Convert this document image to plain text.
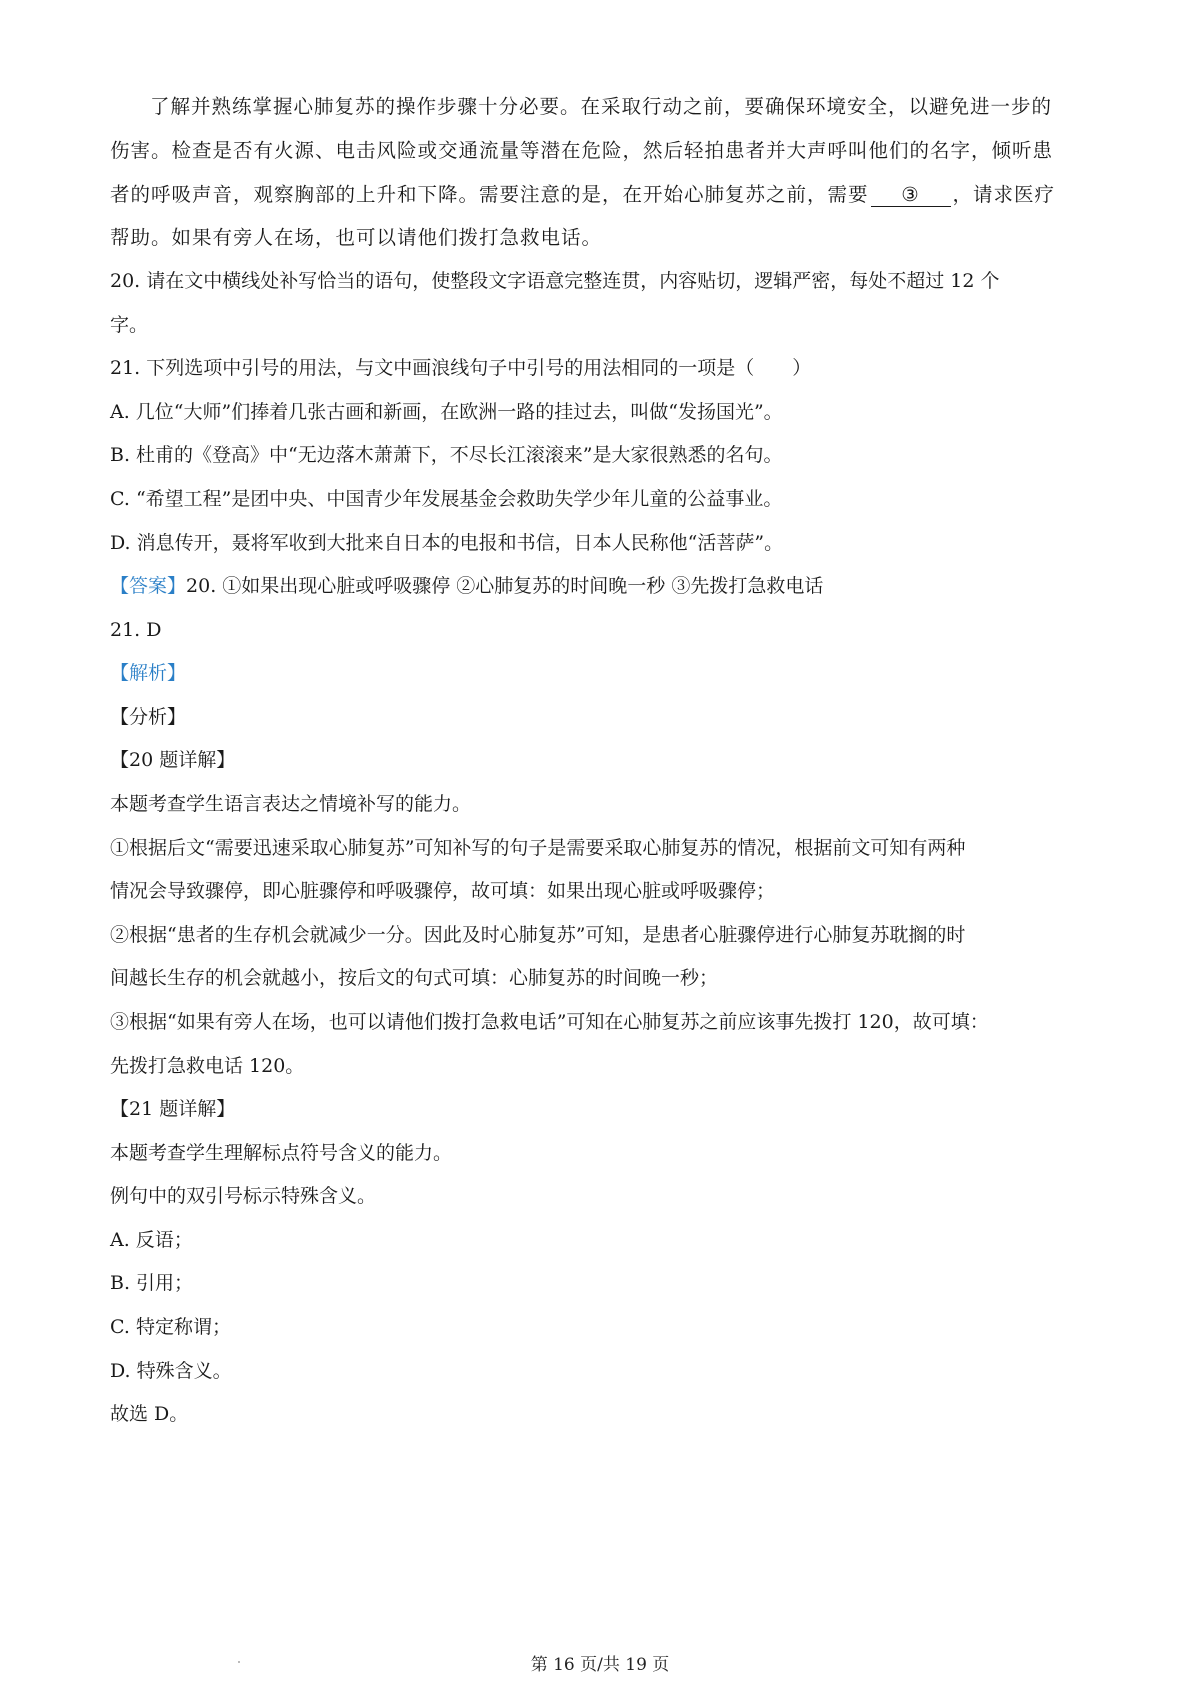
了解并熟练掌握心肺复苏的操作步骤十分必要。在采取行动之前，要确保环境安全，以避免进一步的
伤害。检查是否有火源、电击风险或交通流量等潜在危险，然后轻拍患者并大声呼叫他们的名字，倾听患
者的呼吸声音，观察胸部的上升和下降。需要注意的是，在开始心肺复苏之前，需要 ③ ，请求医疗
帮助。如果有旁人在场，也可以请他们拨打急救电话。
20. 请在文中横线处补写恰当的语句，使整段文字语意完整连贯，内容贴切，逻辑严密，每处不超过 12 个
字。
21. 下列选项中引号的用法，与文中画浪线句子中引号的用法相同的一项是（　　）
A. 几位“大师”们捧着几张古画和新画，在欧洲一路的挂过去，叫做“发扬国光”。
B. 杜甫的《登高》中“无边落木萧萧下，不尽长江滚滚来”是大家很熟悉的名句。
C. “希望工程”是团中央、中国青少年发展基金会救助失学少年儿童的公益事业。
D. 消息传开，聂将军收到大批来自日本的电报和书信，日本人民称他“活菩萨”。
【答案】20. ①如果出现心脏或呼吸骤停 ②心肺复苏的时间晚一秒 ③先拨打急救电话
21. D
【解析】
【分析】
【20 题详解】
本题考查学生语言表达之情境补写的能力。
①根据后文“需要迅速采取心肺复苏”可知补写的句子是需要采取心肺复苏的情况，根据前文可知有两种
情况会导致骤停，即心脏骤停和呼吸骤停，故可填：如果出现心脏或呼吸骤停；
②根据“患者的生存机会就减少一分。因此及时心肺复苏”可知，是患者心脏骤停进行心肺复苏耽搁的时
间越长生存的机会就越小，按后文的句式可填：心肺复苏的时间晚一秒；
③根据“如果有旁人在场，也可以请他们拨打急救电话”可知在心肺复苏之前应该事先拨打 120，故可填：
先拨打急救电话 120。
【21 题详解】
本题考查学生理解标点符号含义的能力。
例句中的双引号标示特殊含义。
A. 反语；
B. 引用；
C. 特定称谓；
D. 特殊含义。
故选 D。
第 16 页/共 19 页
